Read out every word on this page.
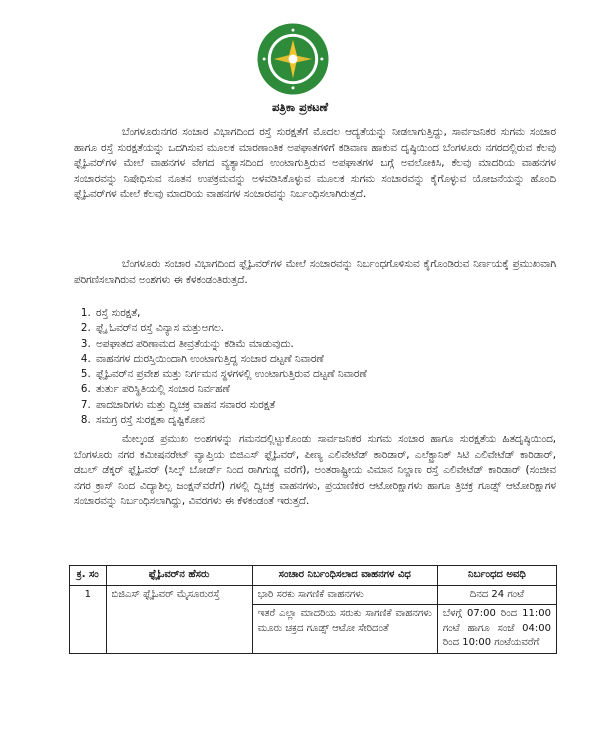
ಪತ್ರಿಕಾ ಪ್ರಕಟಣೆ

ಬೆಂಗಳೂರುನಗರ ಸಂಚಾರ ವಿಭಾಗದಿಂದ ರಸ್ತೆ ಸುರಕ್ಷತೆಗೆ ಮೊದಲ ಆದ್ಯತೆಯನ್ನು ನೀಡಲಾಗುತ್ತಿದ್ದು, ಸಾರ್ವಜನಿಕರ ಸುಗಮ ಸಂಚಾರ ಹಾಗೂ ರಸ್ತೆ ಸುರಕ್ಷತೆಯನ್ನು ಒದಗಿಸುವ ಮೂಲಕ ಮಾರಣಾಂತಿಕ ಅಪಘಾತಗಳಿಗೆ ಕಡಿವಾಣ ಹಾಕುವ ದೃಷ್ಠಿಯಿಂದ ಬೆಂಗಳೂರು ನಗರದಲ್ಲಿರುವ ಕೆಲವು ಫ್ಲೈಓವರ್‌ಗಳ ಮೇಲೆ ವಾಹನಗಳ ವೇಗದ ವ್ಯತ್ಯಾಸದಿಂದ ಉಂಟಾಗುತ್ತಿರುವ ಅಪಘಾತಗಳ ಬಗ್ಗೆ ಅವಲೋಕಿಸಿ, ಕೆಲವು ಮಾದರಿಯ ವಾಹನಗಳ ಸಂಚಾರವನ್ನು ನಿಷೇಧಿಸುವ ನೂತನ ಉಪಕ್ರಮವನ್ನು ಅಳವಡಿಸಿಕೊಳ್ಳುವ ಮೂಲಕ ಸುಗಮ ಸಂಚಾರವನ್ನು ಕೈಗೊಳ್ಳುವ ಯೋಜನೆಯನ್ನು ಹೊಂದಿ ಫ್ಲೈಓವರ್‌ಗಳ ಮೇಲೆ ಕೆಲವು ಮಾದರಿಯ ವಾಹನಗಳ ಸಂಚಾರವನ್ನು ನಿರ್ಬಂಧಿಸಲಾಗಿರುತ್ತದೆ.

ಬೆಂಗಳೂರು ಸಂಚಾರ ವಿಭಾಗದಿಂದ ಫ್ಲೈಓವರ್‌ಗಳ ಮೇಲೆ ಸಂಚಾರವನ್ನು ನಿರ್ಬಂಧಗೊಳಿಸುವ ಕೈಗೊಂಡಿರುವ ನಿರ್ಣಯಕ್ಕೆ ಪ್ರಮುಖವಾಗಿ ಪರಿಗಣಿಸಲಾಗಿರುವ ಅಂಶಗಳು ಈ ಕೆಳಕಂಡಂತಿರುತ್ತದೆ.

1. ರಸ್ತೆ ಸುರಕ್ಷತೆ,
2. ಫ್ಲೈ ಓವರ್‌ನ ರಸ್ತೆ ವಿನ್ಯಾಸ ಮತ್ತುಅಗಲ.
3. ಅಪಘಾತದ ಪರಿಣಾಮದ ತೀವ್ರತೆಯನ್ನು ಕಡಿಮೆ ಮಾಡುವುದು.
4. ವಾಹನಗಳ ದುರಸ್ತಿಯಿಂದಾಗಿ ಉಂಟಾಗುತ್ತಿದ್ದ ಸಂಚಾರ ದಟ್ಟಣೆ ನಿವಾರಣೆ
5. ಫ್ಲೈಓವರ್‌ನ ಪ್ರವೇಶ ಮತ್ತು ನಿರ್ಗಮನ ಸ್ಥಳಗಳಲ್ಲಿ ಉಂಟಾಗುತ್ತಿರುವ ದಟ್ಟಣೆ ನಿವಾರಣೆ
6. ತುರ್ತು ಪರಿಸ್ಥಿತಿಯಲ್ಲಿ ಸಂಚಾರ ನಿರ್ವಹಣೆ
7. ಪಾದಚಾರಿಗಳು ಮತ್ತು ದ್ವಿಚಕ್ರ ವಾಹನ ಸವಾರರ ಸುರಕ್ಷತೆ
8. ಸಮಗ್ರ ರಸ್ತೆ ಸುರಕ್ಷತಾ ದೃಷ್ಟಿಕೋನ

ಮೇಲ್ಕಂಡ ಪ್ರಮುಖ ಅಂಶಗಳನ್ನು ಗಮನದಲ್ಲಿಟ್ಟುಕೊಂಡು ಸಾರ್ವಜನಿಕರ ಸುಗಮ ಸಂಚಾರ ಹಾಗೂ ಸುರಕ್ಷತೆಯ ಹಿತದೃಷ್ಠಿಯಿಂದ, ಬೆಂಗಳೂರು ನಗರ ಕಮೀಷನರೇಟ್ ವ್ಯಾಪ್ತಿಯ ಬಿಜಿಎಸ್ ಫ್ಲೈಓವರ್, ಪೀಣ್ಯ ಎಲಿವೇಟೆಡ್ ಕಾರಿಡಾರ್, ಎಲೆಕ್ಟ್ರಾನಿಕ್ ಸಿಟಿ ಎಲಿವೇಟೆಡ್ ಕಾರಿಡಾರ್, ಡಬಲ್ ಡೆಕ್ಕರ್ ಫ್ಲೈಓವರ್ (ಸಿಲ್ಕ್ ಬೋರ್ಡ್ ನಿಂದ ರಾಗಿಗುಡ್ಡ ವರೆಗೆ), ಅಂತರಾಷ್ಟ್ರೀಯ ವಿಮಾನ ನಿಲ್ದಾಣ ರಸ್ತೆ ಎಲಿವೇಟೆಡ್ ಕಾರಿಡಾರ್ (ಸಂಜೀವ ನಗರ ಕ್ರಾಸ್ ನಿಂದ ವಿದ್ಯಾಶಿಲ್ಪ ಜಂಕ್ಷನ್‌ವರೆಗೆ) ಗಳಲ್ಲಿ ದ್ವಿಚಕ್ರ ವಾಹನಗಳು, ಪ್ರಯಾಣಿಕರ ಆಟೋರಿಕ್ಷಾಗಳು ಹಾಗೂ ತ್ರಿಚಕ್ರ ಗೂಡ್ಸ್ ಆಟೋರಿಕ್ಷಾಗಳ ಸಂಚಾರವನ್ನು ನಿರ್ಬಂಧಿಸಲಾಗಿದ್ದು, ವಿವರಗಳು ಈ ಕೆಳಕಂಡಂತೆ ಇರುತ್ತದೆ.

ಕ್ರ. ಸಂ	ಫ್ಲೈಓವರ್‌ನ ಹೆಸರು	ಸಂಚಾರ ನಿರ್ಬಂಧಿಸಲಾದ ವಾಹನಗಳ ವಿಧ	ನಿರ್ಬಂಧದ ಅವಧಿ
1	ಬಿಜಿಎಸ್ ಫ್ಲೈಓವರ್ ಮೈಸೂರುರಸ್ತೆ	ಭಾರಿ ಸರಕು ಸಾಗಣಿಕೆ ವಾಹನಗಳು	ದಿನದ 24 ಗಂಟೆ
		ಇತರೆ ಎಲ್ಲಾ ಮಾದರಿಯ ಸರುಕು ಸಾಗಣಿಕೆ ವಾಹನಗಳು ಮೂರು ಚಕ್ರದ ಗೂಡ್ಸ್ ಆಟೋ ಸೇರಿದಂತೆ	ಬೆಳಗ್ಗೆ 07:00 ರಿಂದ 11:00 ಗಂಟೆ ಹಾಗೂ ಸಂಜೆ 04:00 ರಿಂದ 10:00 ಗಂಟೆಯವರೆಗೆ
